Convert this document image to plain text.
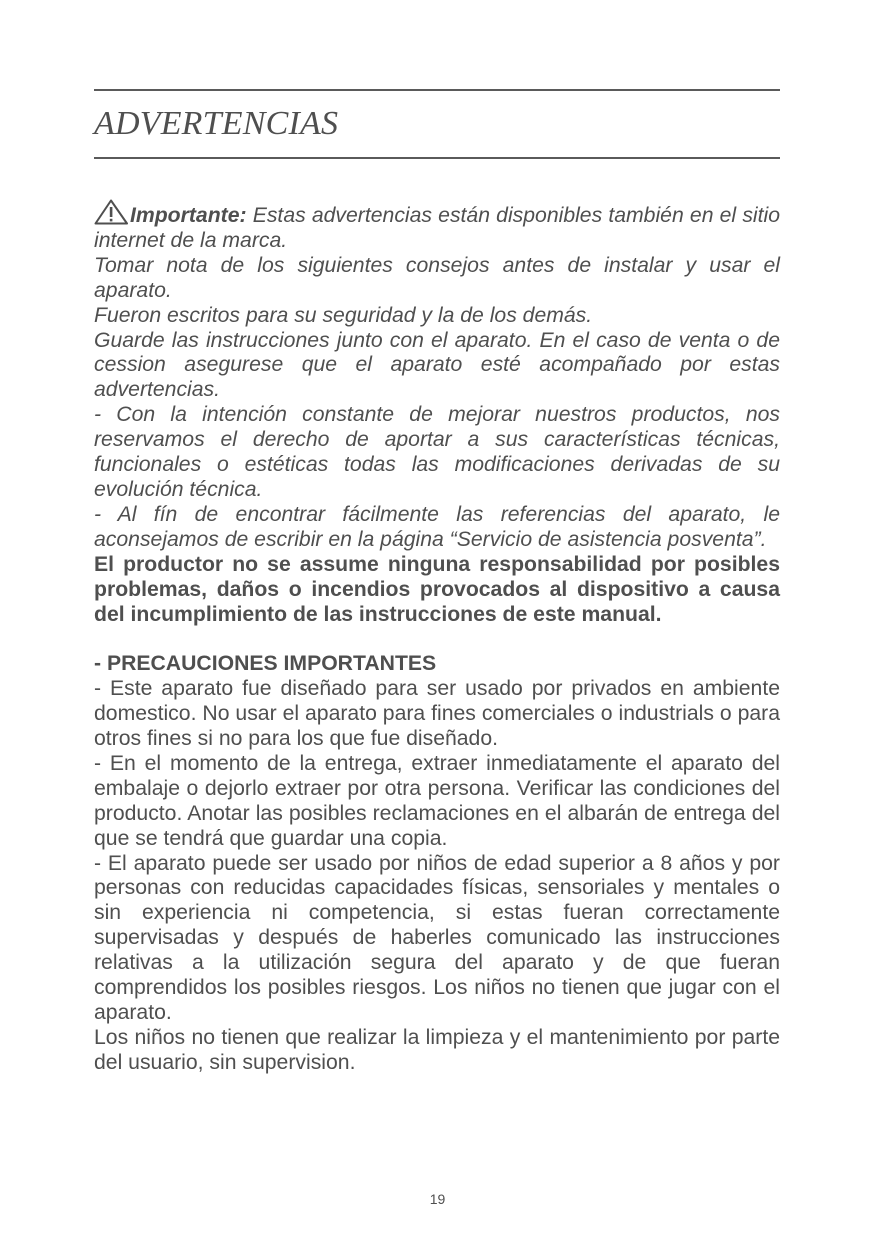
ADVERTENCIAS

Importante: Estas advertencias están disponibles también en el sitio internet de la marca.

Tomar nota de los siguientes consejos antes de instalar y usar el aparato.

Fueron escritos para su seguridad y la de los demás.

Guarde las instrucciones junto con el aparato. En el caso de venta o de cession asegurese que el aparato esté acompañado por estas advertencias.

- Con la intención constante de mejorar nuestros productos, nos reservamos el derecho de aportar a sus características técnicas, funcionales o estéticas todas las modificaciones derivadas de su evolución técnica.

- Al fín de encontrar fácilmente las referencias del aparato, le aconsejamos de escribir en la página “Servicio de asistencia posventa”.

El productor no se assume ninguna responsabilidad por posibles problemas, daños o incendios provocados al dispositivo a causa del incumplimiento de las instrucciones de este manual.

- PRECAUCIONES IMPORTANTES

- Este aparato fue diseñado para ser usado por privados en ambiente domestico. No usar el aparato para fines comerciales o industrials o para otros fines si no para los que fue diseñado.

- En el momento de la entrega, extraer inmediatamente el aparato del embalaje o dejorlo extraer por otra persona. Verificar las condiciones del producto. Anotar las posibles reclamaciones en el albarán de entrega del que se tendrá que guardar una copia.

- El aparato puede ser usado por niños de edad superior a 8 años y por personas con reducidas capacidades físicas, sensoriales y mentales o sin experiencia ni competencia, si estas fueran correctamente supervisadas y después de haberles comunicado las instrucciones relativas a la utilización segura del aparato y de que fueran comprendidos los posibles riesgos. Los niños no tienen que jugar con el aparato.

Los niños no tienen que realizar la limpieza y el mantenimiento por parte del usuario, sin supervision.

19
